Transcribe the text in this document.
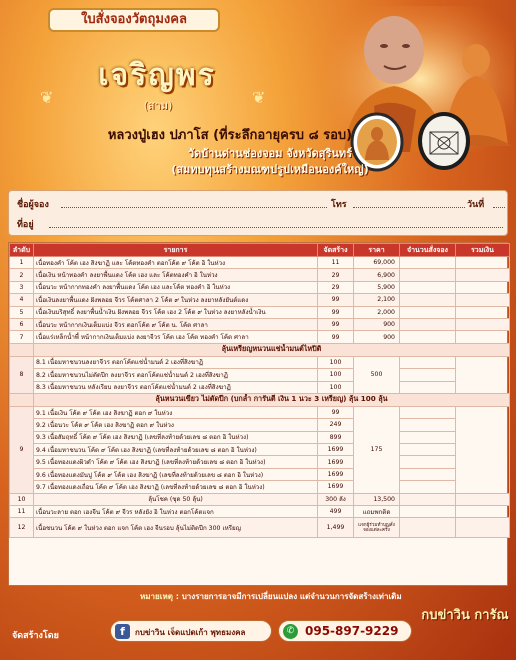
ใบสั่งจองวัตถุมงคล
❦
เจริญพร
(สาม)	❦
หลวงปู่เฮง ปภาโส (ที่ระลึกอายุครบ ๘ รอบ)
วัดบ้านด่านช่องจอม จังหวัดสุรินทร์
(สมทบทุนสร้างมณฑปรูปเหมือนองค์ใหญ่)
ชื่อผู้จอง	โทร	วันที่
ที่อยู่
ลำดับ	รายการ	จัดสร้าง	ราคา	จำนวนสั่งจอง	รวมเงิน
1	เนื้อทองคำ โค้ต เฮง สิงฆาฏิ และ โค้ตทองคำ ตอกโค้ต ๙ โค้ต อิ ในห่วง	11	69,000		
2	เนื้อเงิน หน้าทองคำ ลงยาพื้นแดง โค้ต เฮง และ โค้ตทองคำ อิ ในห่วง	29	6,900		
3	เนื้อนวะ หน้ากากทองคำ ลงยาพื้นแดง โค้ต เฮง และโค้ต ทองคำ อิ ในห่วง	29	5,900		
4	เนื้อเงินลงยาพื้นแดง ฝังพลอย จีวร โค้ตศาลา 2 โค้ต ๙ ในห่วง ลงยาหลังยันต์แดง	99	2,100		
5	เนื้อเงินบริสุทธิ์ ลงยาพื้นน้ำเงิน ฝังพลอย จีวร โค้ต เฮง 2 โค้ต ๙ ในห่วง ลงยาหลังน้ำเงิน	99	2,000		
6	เนื้อนวะ หน้ากากเงินเต็มแบ่ง จีวร ตอกโค้ต ๙ โค้ต น. โค้ต ศาลา	99	900		
7	เนื้อแร่เหล็กน้ำพี้ หน้ากากเงินเต็มแบ่ง ลงยาจีวร โค้ต เฮง โค้ต ทองคำ โค้ต ศาลา	99	900		
	ลุ้นเหรียญหนวนแช่น้ำมนต์ไหปิติ				
8	8.1 เนื้อมหาชนวนลงยาจีวร ตอกโค้ตแช่น้ำมนต์ 2 เฮงที่สิงฆาฏิ	100	500		
	8.2 เนื้อมหาชนวนไม่ตัดปีก ลงยาจีวร ตอกโค้ตแช่น้ำมนต์ 2 เฮงที่สิงฆาฏิ	100			
	8.3 เนื้อมหาชนวน หลังเรียบ ลงยาจีวร ตอกโค้ตแช่น้ำมนต์ 2 เฮงที่สิงฆาฏิ	100			
	ลุ้นหนวนเขียว ไม่ตัดปีก (บกล้ำ การันตี เงิน 1 นวะ 3 เหรียญ) ลุ้น 100 ลุ้น				
9	9.1 เนื้อเงิน โค้ต ๙ โค้ต เฮง สิงฆาฏิ ตอก ๙ ในห่วง	99	175		
	9.2 เนื้อนวะ โค้ต ๙ โค้ต เฮง สิงฆาฏิ ตอก ๙ ในห่วง	249			
	9.3 เนื้อสัมฤทธิ์ โค้ต ๙ โค้ต เฮง สิงฆาฏิ (เลขที่ลงท้ายด้วยเลข ๘ ตอก อิ ในห่วง)	899			
	9.4 เนื้อมหาชนวน โค้ต ๙ โค้ต เฮง สิงฆาฏิ (เลขที่ลงท้ายด้วยเลข ๘ ตอก อิ ในห่วง)	1699			
	9.5 เนื้อทองแดงผิวดำ โค้ต ๙ โค้ต เฮง สิงฆาฏิ (เลขที่ลงท้ายด้วยเลข ๘ ตอก อิ ในห่วง)	1699			
	9.6 เนื้อทองแดงมันปู โค้ต ๙ โค้ต เฮง สิงฆาฏิ (เลขที่ลงท้ายด้วยเลข ๘ ตอก อิ ในห่วง)	1699			
	9.7 เนื้อทองแดงเถื่อน โค้ต ๙ โค้ต เฮง สิงฆาฏิ (เลขที่ลงท้ายด้วยเลข ๘ ตอก อิ ในห่วง)	1699			
10	ลุ้นโชค (ชุด 50 ลุ้น)	300 ลัง	13,500		
11	เนื้อนวะลาย ตอก เฮงจีน โค้ต ๙ จีวร หลังยัง อิ ในห่วง ตอกโค้ตแจก	499	แถมพกติด		
12	เนื้อชนวน โค้ต ๙ ในห่วง ตอก แจก โค้ต เฮง จีนรอบ ลุ้นไม่ติดปีก 300 เหรียญ	1,499	แจกผู้ร่วมทำบุญสั่งจองแต่ละครั้ง		
หมายเหตุ : บางรายการอาจมีการเปลี่ยนแปลง แต่จำนวนการจัดสร้างเท่าเดิม
จัดสร้างโดย	f	กบข่าวิน เจ็ดแปดเก้า พุทธมงคล	✆ 095-897-9229
กบข่าวิน การัณ
